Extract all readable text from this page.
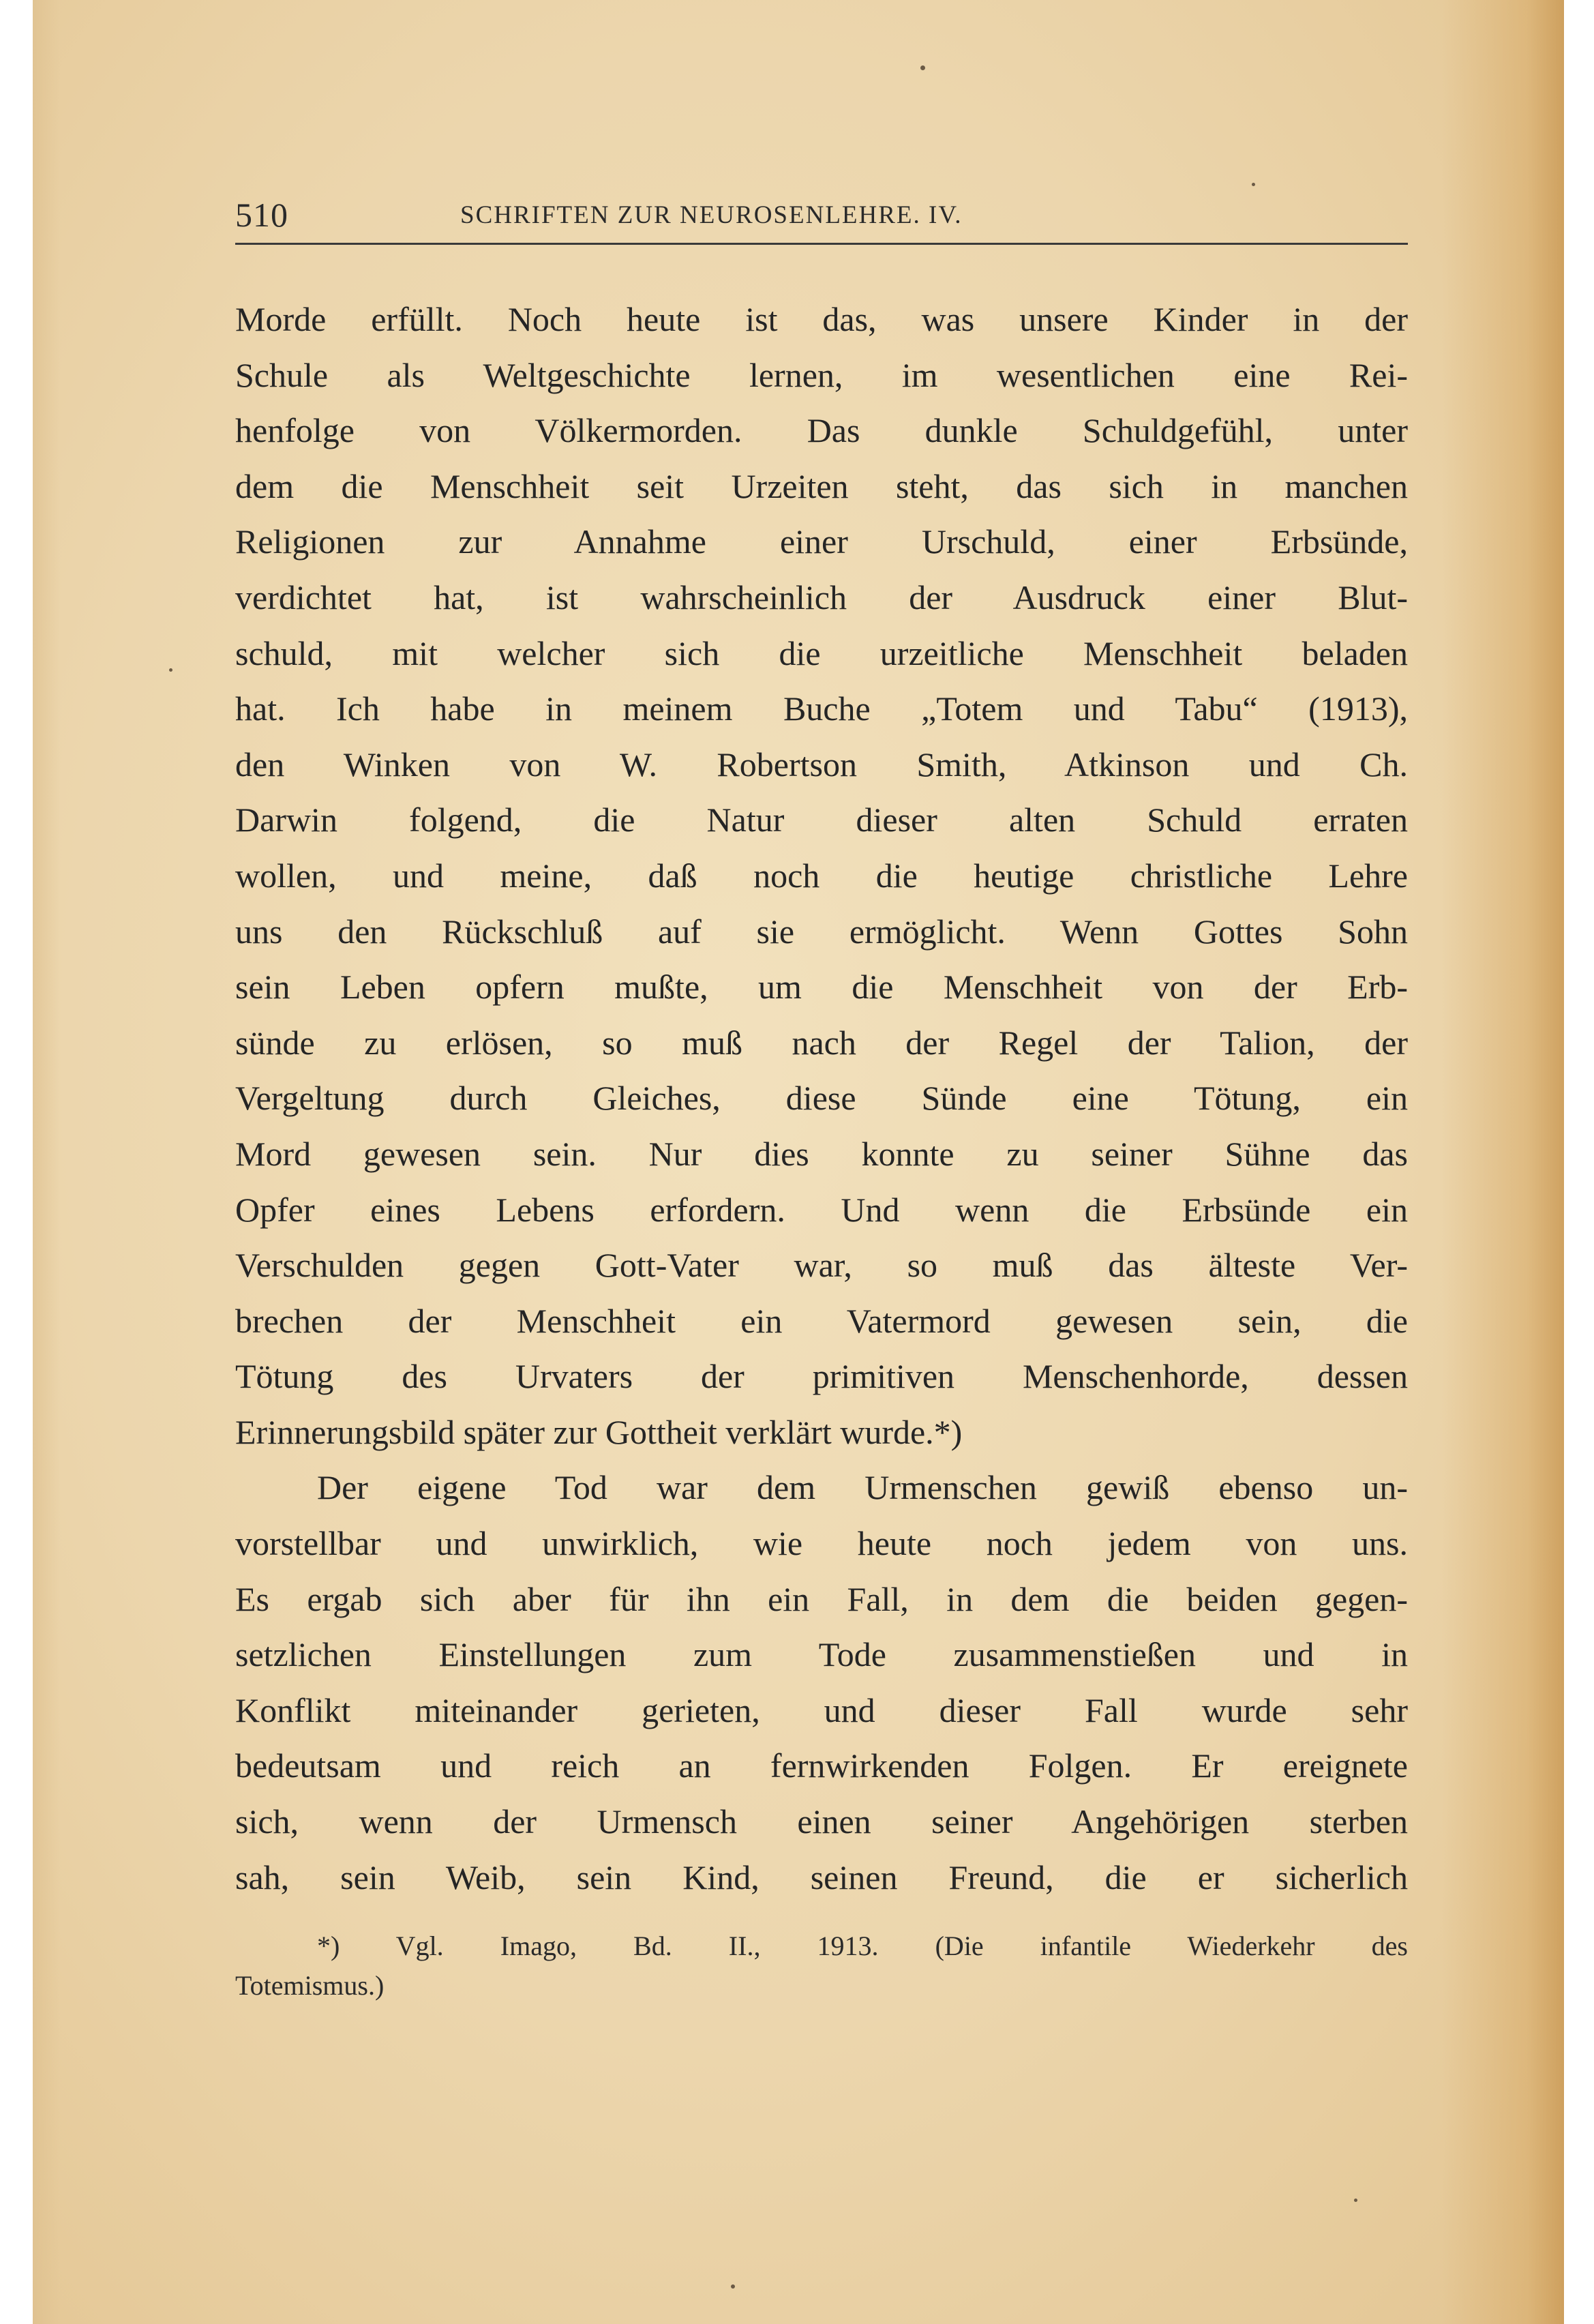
510	SCHRIFTEN ZUR NEUROSENLEHRE. IV.
Morde erfüllt. Noch heute ist das, was unsere Kinder in der
Schule als Weltgeschichte lernen, im wesentlichen eine Rei-
henfolge von Völkermorden. Das dunkle Schuldgefühl, unter
dem die Menschheit seit Urzeiten steht, das sich in manchen
Religionen zur Annahme einer Urschuld, einer Erbsünde,
verdichtet hat, ist wahrscheinlich der Ausdruck einer Blut-
schuld, mit welcher sich die urzeitliche Menschheit beladen
hat. Ich habe in meinem Buche „Totem und Tabu“ (1913),
den Winken von W. Robertson Smith, Atkinson und Ch.
Darwin folgend, die Natur dieser alten Schuld erraten
wollen, und meine, daß noch die heutige christliche Lehre
uns den Rückschluß auf sie ermöglicht. Wenn Gottes Sohn
sein Leben opfern mußte, um die Menschheit von der Erb-
sünde zu erlösen, so muß nach der Regel der Talion, der
Vergeltung durch Gleiches, diese Sünde eine Tötung, ein
Mord gewesen sein. Nur dies konnte zu seiner Sühne das
Opfer eines Lebens erfordern. Und wenn die Erbsünde ein
Verschulden gegen Gott-Vater war, so muß das älteste Ver-
brechen der Menschheit ein Vatermord gewesen sein, die
Tötung des Urvaters der primitiven Menschenhorde, dessen
Erinnerungsbild später zur Gottheit verklärt wurde.*)
Der eigene Tod war dem Urmenschen gewiß ebenso un-
vorstellbar und unwirklich, wie heute noch jedem von uns.
Es ergab sich aber für ihn ein Fall, in dem die beiden gegen-
setzlichen Einstellungen zum Tode zusammenstießen und in
Konflikt miteinander gerieten, und dieser Fall wurde sehr
bedeutsam und reich an fernwirkenden Folgen. Er ereignete
sich, wenn der Urmensch einen seiner Angehörigen sterben
sah, sein Weib, sein Kind, seinen Freund, die er sicherlich
*) Vgl. Imago, Bd. II., 1913. (Die infantile Wiederkehr des
Totemismus.)
